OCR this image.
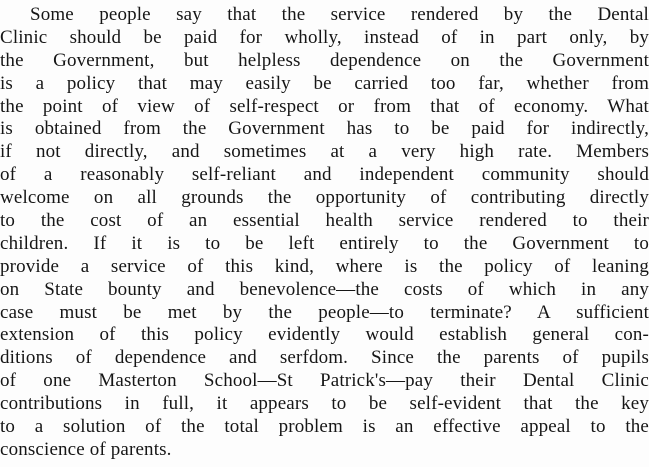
Some people say that the service rendered by the Dental
Clinic should be paid for wholly, instead of in part only, by
the Government, but helpless dependence on the Government
is a policy that may easily be carried too far, whether from
the point of view of self-respect or from that of economy. What
is obtained from the Government has to be paid for indirectly,
if not directly, and sometimes at a very high rate. Members
of a reasonably self-reliant and independent community should
welcome on all grounds the opportunity of contributing directly
to the cost of an essential health service rendered to their
children. If it is to be left entirely to the Government to
provide a service of this kind, where is the policy of leaning
on State bounty and benevolence—the costs of which in any
case must be met by the people—to terminate? A sufficient
extension of this policy evidently would establish general con-
ditions of dependence and serfdom. Since the parents of pupils
of one Masterton School—St Patrick's—pay their Dental Clinic
contributions in full, it appears to be self-evident that the key
to a solution of the total problem is an effective appeal to the
conscience of parents.
